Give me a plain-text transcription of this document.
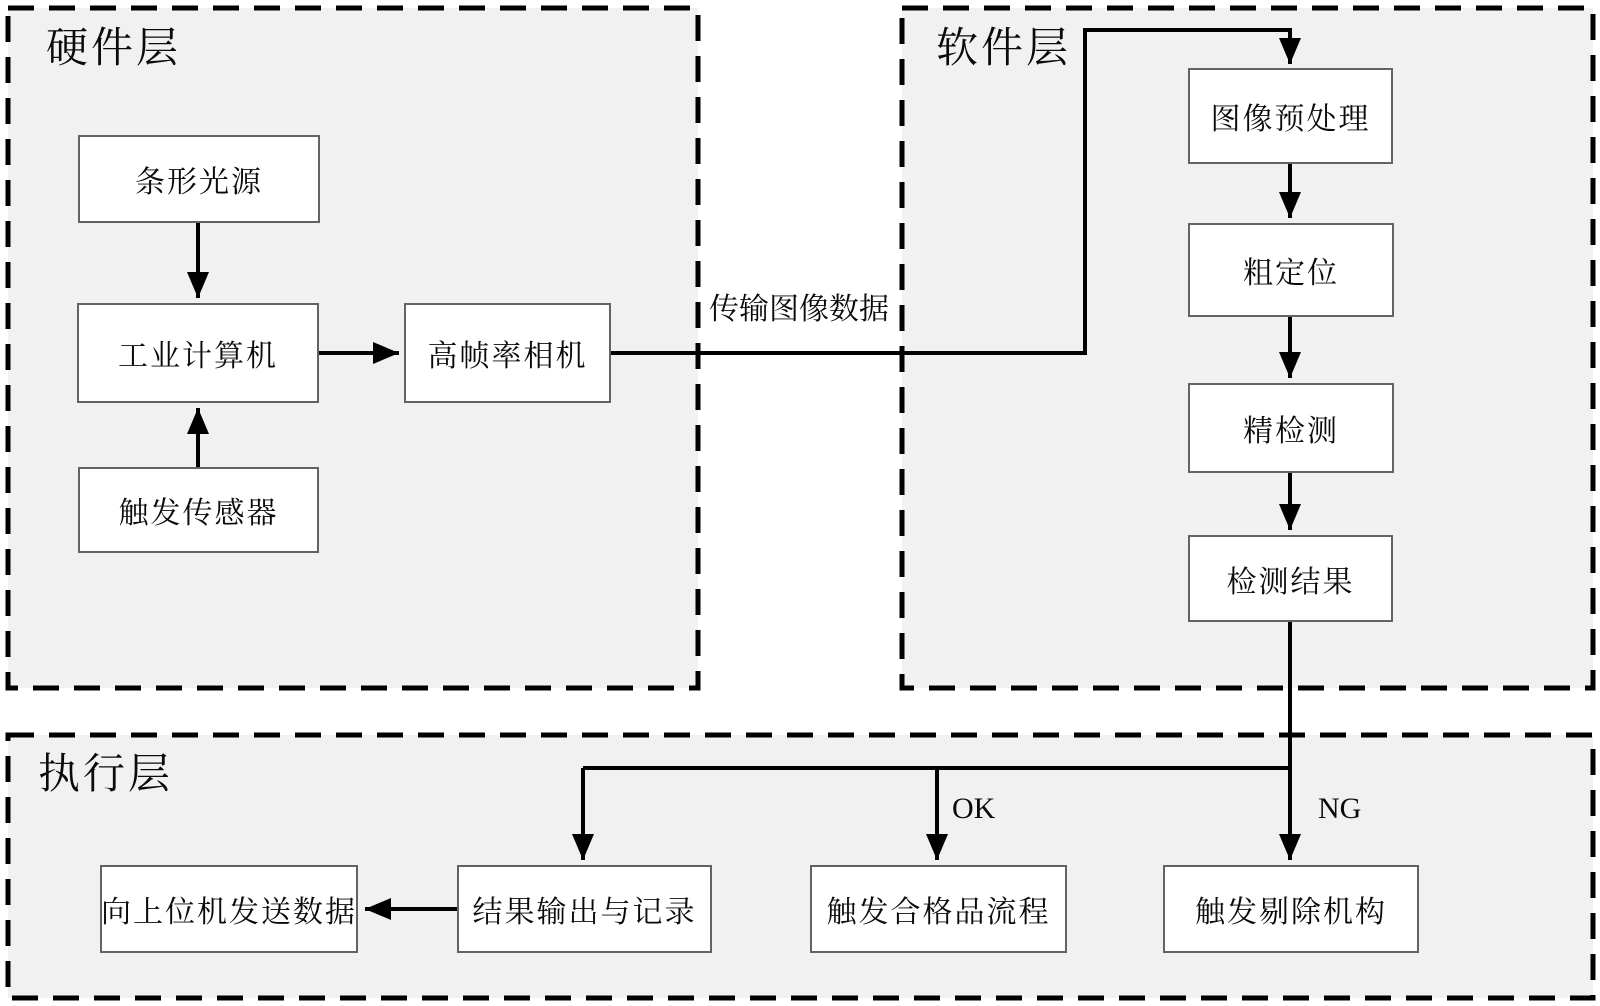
硬件层	软件层
执行层
条形光源
工业计算机
触发传感器
高帧率相机
图像预处理
粗定位
精检测
检测结果
向上位机发送数据	结果输出与记录	触发合格品流程	触发剔除机构
传输图像数据
OK	NG
